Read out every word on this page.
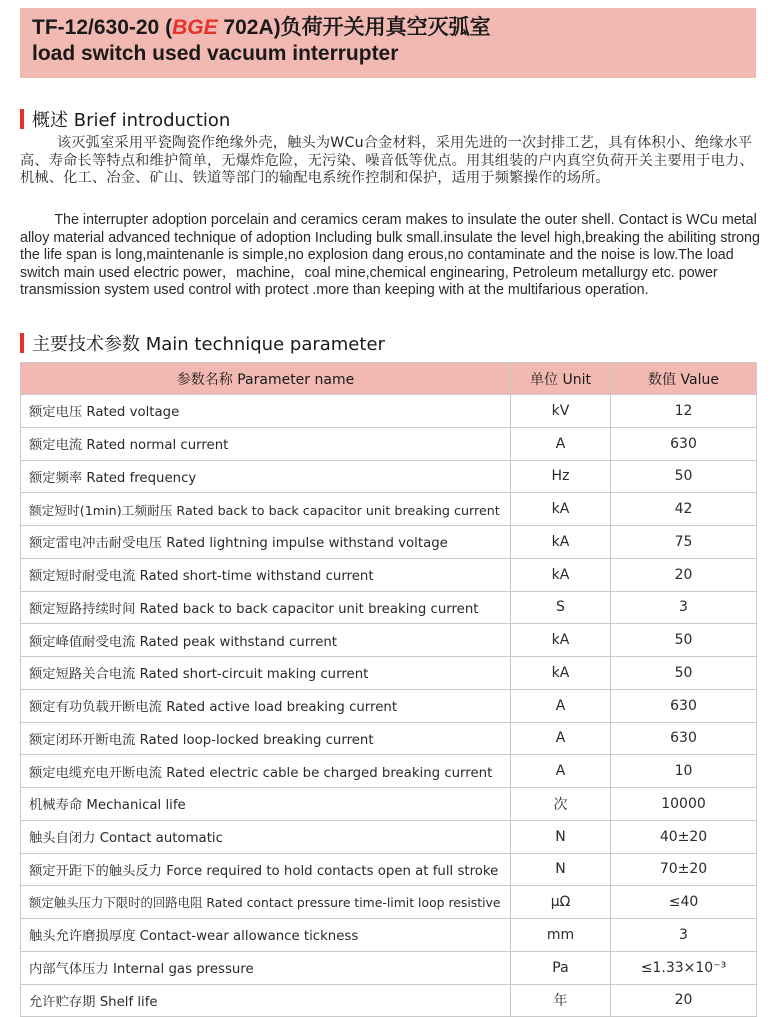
TF-12/630-20 (BGE 702A)负荷开关用真空灭弧室
load switch used vacuum interrupter
概述 Brief introduction
该灭弧室采用平瓷陶瓷作绝缘外壳，触头为WCu合金材料，采用先进的一次封排工艺，具有体积小、绝缘水平高、寿命长等特点和维护简单，无爆炸危险，无污染、噪音低等优点。用其组装的户内真空负荷开关主要用于电力、机械、化工、冶金、矿山、铁道等部门的输配电系统作控制和保护，适用于频繁操作的场所。
The interrupter adoption porcelain and ceramics ceram makes to insulate the outer shell. Contact is WCu metal alloy material advanced technique of adoption Including bulk small.insulate the level high,breaking the abiliting strong the life span is long,maintenanle is simple,no explosion dang erous,no contaminate and the noise is low.The load switch main used electric power，machine，coal mine,chemical enginearing, Petroleum metallurgy etc. power transmission system used control with protect .more than keeping with at the multifarious operation.
主要技术参数 Main technique parameter
参数名称 Parameter name	单位 Unit	数值 Value
额定电压 Rated voltage	kV	12
额定电流 Rated normal current	A	630
额定频率 Rated frequency	Hz	50
额定短时(1min)工频耐压 Rated back to back capacitor unit breaking current	kA	42
额定雷电冲击耐受电压 Rated lightning impulse withstand voltage	kA	75
额定短时耐受电流 Rated short-time withstand current	kA	20
额定短路持续时间 Rated back to back capacitor unit breaking current	S	3
额定峰值耐受电流 Rated peak withstand current	kA	50
额定短路关合电流 Rated short-circuit making current	kA	50
额定有功负载开断电流 Rated active load breaking current	A	630
额定闭环开断电流 Rated loop-locked breaking current	A	630
额定电缆充电开断电流 Rated electric cable be charged breaking current	A	10
机械寿命 Mechanical life	次	10000
触头自闭力 Contact automatic	N	40±20
额定开距下的触头反力 Force required to hold contacts open at full stroke	N	70±20
额定触头压力下限时的回路电阻 Rated contact pressure time-limit loop resistive	μΩ	≤40
触头允许磨损厚度 Contact-wear allowance tickness	mm	3
内部气体压力 Internal gas pressure	Pa	≤1.33×10⁻³
允许贮存期 Shelf life	年	20
